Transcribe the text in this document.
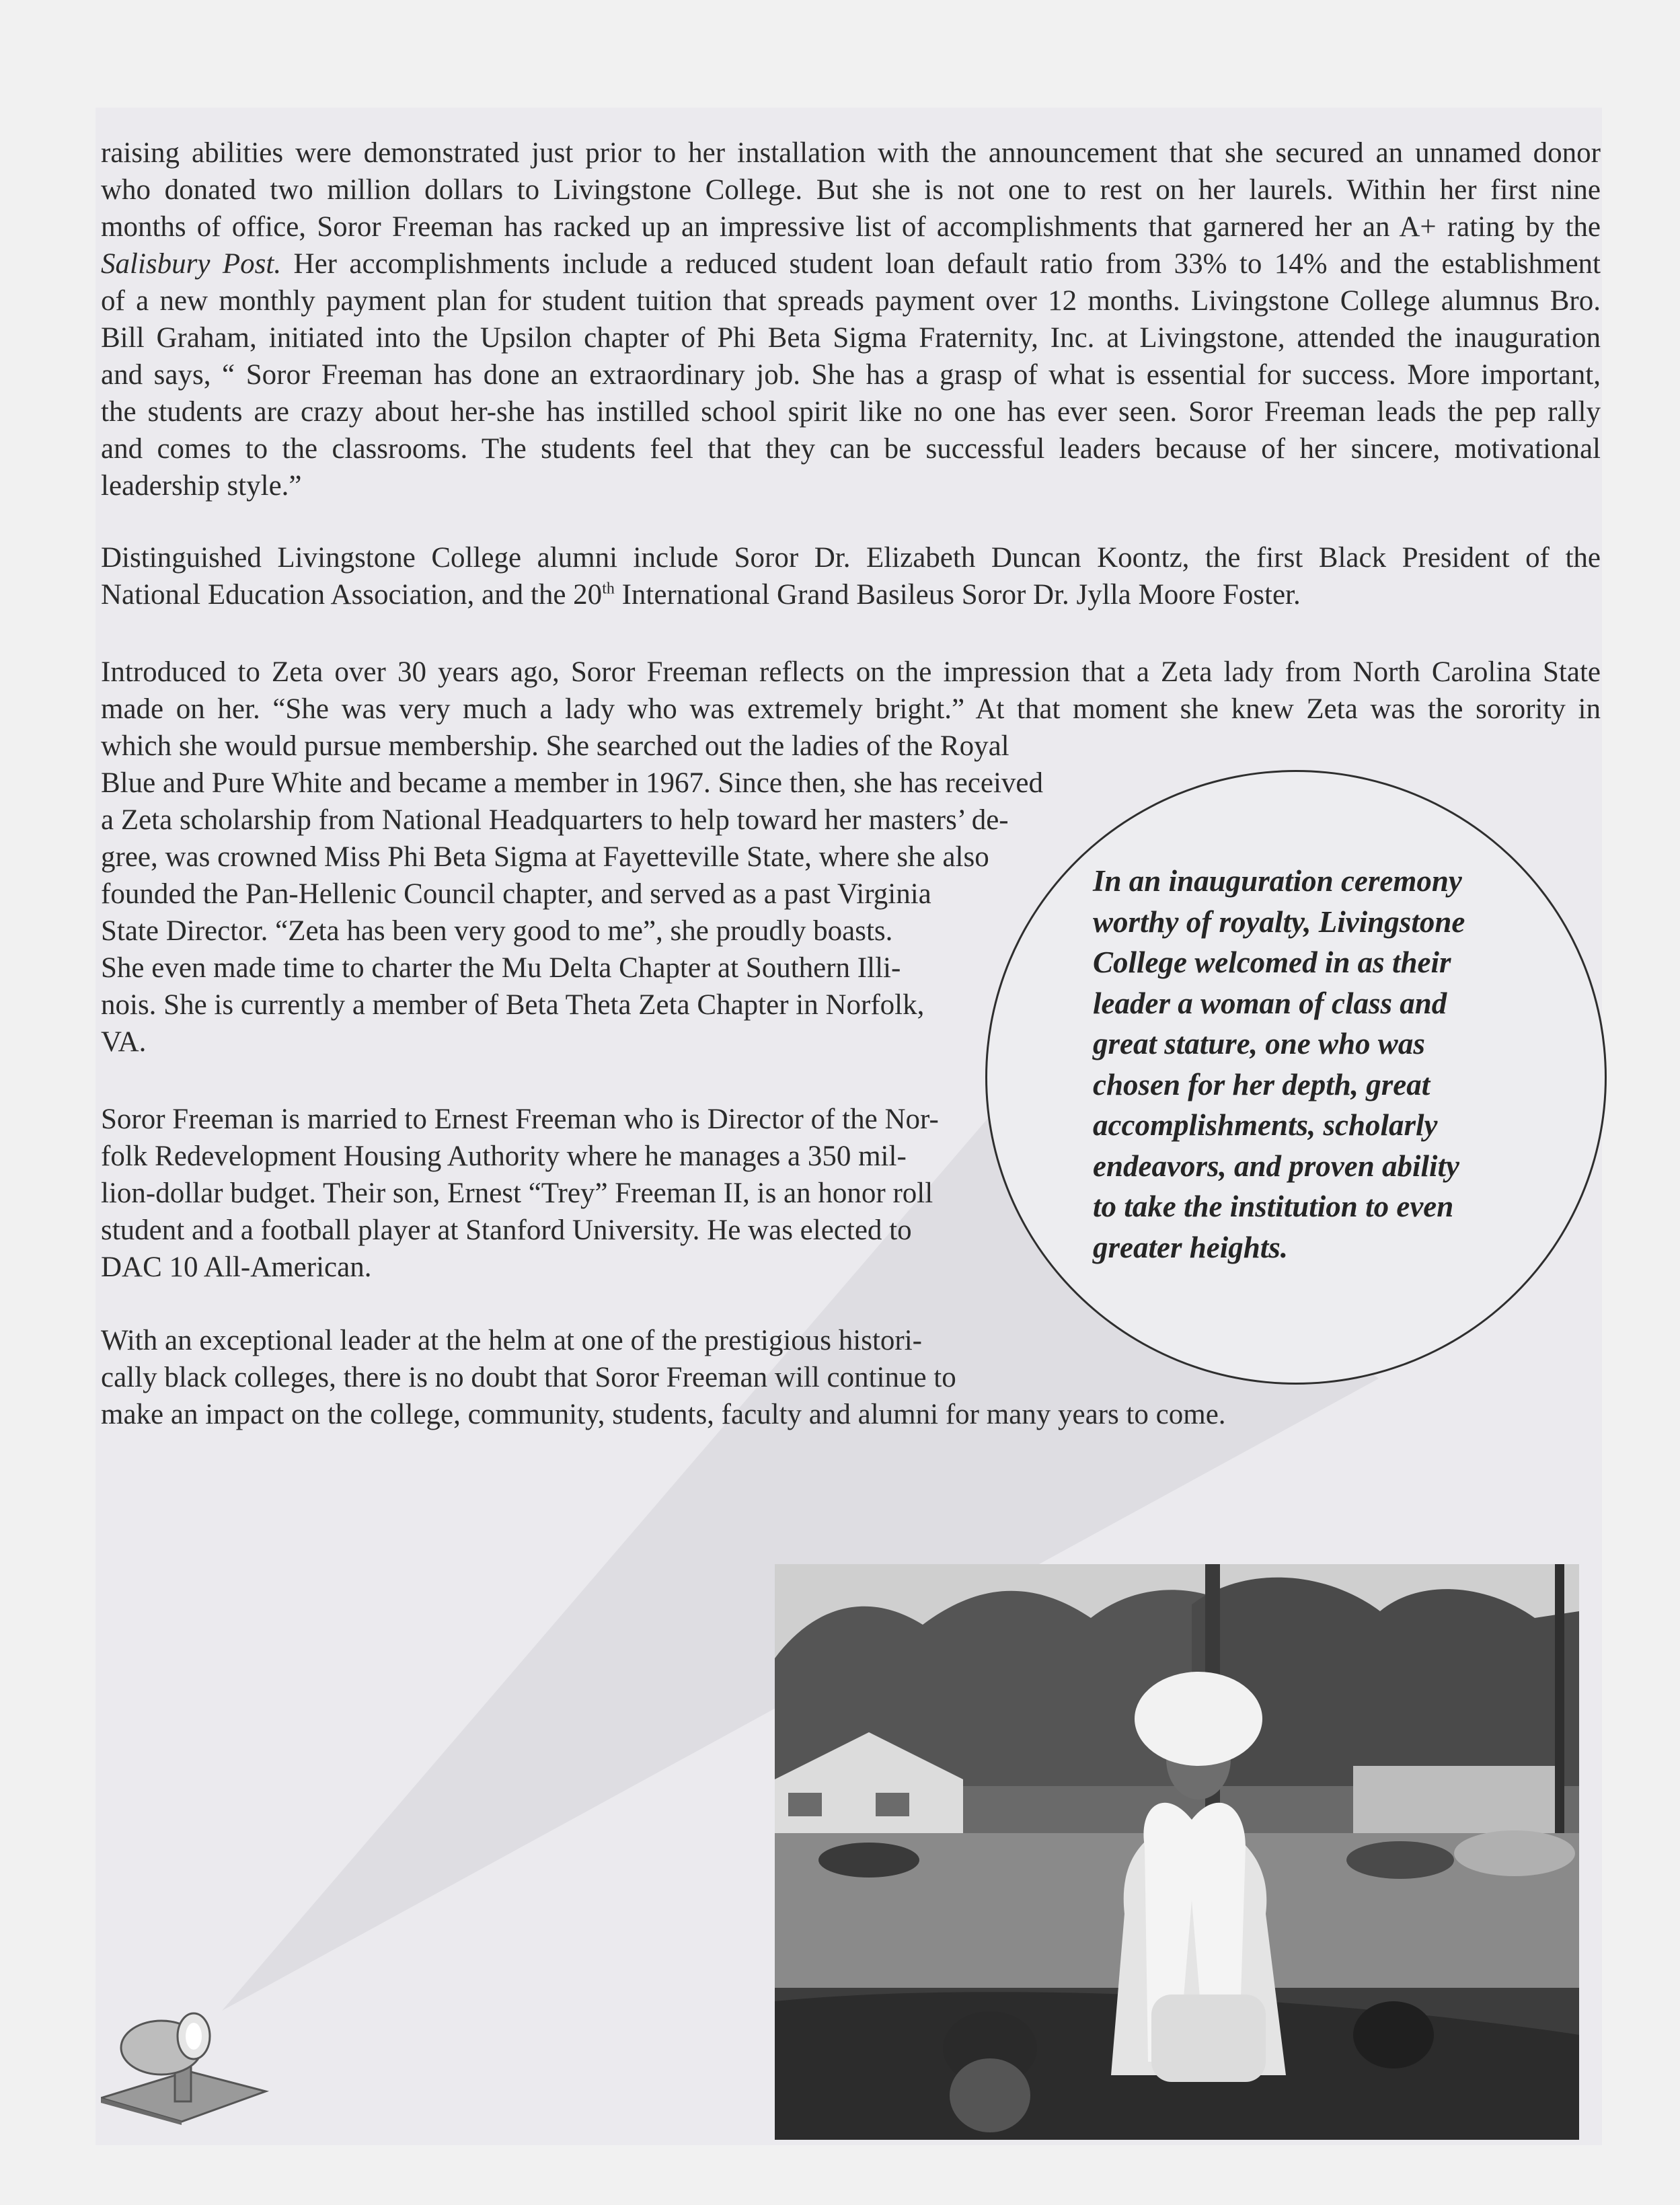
raising abilities were demonstrated just prior to her installation with the announcement that she secured an unnamed donor
who donated two million dollars to Livingstone College. But she is not one to rest on her laurels. Within her first nine
months of office, Soror Freeman has racked up an impressive list of accomplishments that garnered her an A+ rating by the
Salisbury Post. Her accomplishments include a reduced student loan default ratio from 33% to 14% and the establishment
of a new monthly payment plan for student tuition that spreads payment over 12 months. Livingstone College alumnus Bro.
Bill Graham, initiated into the Upsilon chapter of Phi Beta Sigma Fraternity, Inc. at Livingstone, attended the inauguration
and says, “ Soror Freeman has done an extraordinary job. She has a grasp of what is essential for success. More important,
the students are crazy about her-she has instilled school spirit like no one has ever seen. Soror Freeman leads the pep rally
and comes to the classrooms. The students feel that they can be successful leaders because of her sincere, motivational
leadership style.”
Distinguished Livingstone College alumni include Soror Dr. Elizabeth Duncan Koontz, the first Black President of the
National Education Association, and the 20th International Grand Basileus Soror Dr. Jylla Moore Foster.
Introduced to Zeta over 30 years ago, Soror Freeman reflects on the impression that a Zeta lady from North Carolina State
made on her. “She was very much a lady who was extremely bright.” At that moment she knew Zeta was the sorority in
which she would pursue membership. She searched out the ladies of the Royal
Blue and Pure White and became a member in 1967. Since then, she has received
a Zeta scholarship from National Headquarters to help toward her masters’ de-
gree, was crowned Miss Phi Beta Sigma at Fayetteville State, where she also
founded the Pan-Hellenic Council chapter, and served as a past Virginia
State Director. “Zeta has been very good to me”, she proudly boasts.
She even made time to charter the Mu Delta Chapter at Southern Illi-
nois. She is currently a member of Beta Theta Zeta Chapter in Norfolk,
VA.
Soror Freeman is married to Ernest Freeman who is Director of the Nor-
folk Redevelopment Housing Authority where he manages a 350 mil-
lion-dollar budget. Their son, Ernest “Trey” Freeman II, is an honor roll
student and a football player at Stanford University. He was elected to
DAC 10 All-American.
With an exceptional leader at the helm at one of the prestigious histori-
cally black colleges, there is no doubt that Soror Freeman will continue to
make an impact on the college, community, students, faculty and alumni for many years to come.

In an inauguration ceremony
worthy of royalty, Livingstone
College welcomed in as their
leader a woman of class and
great stature, one who was
chosen for her depth, great
accomplishments, scholarly
endeavors, and proven ability
to take the institution to even
greater heights.
